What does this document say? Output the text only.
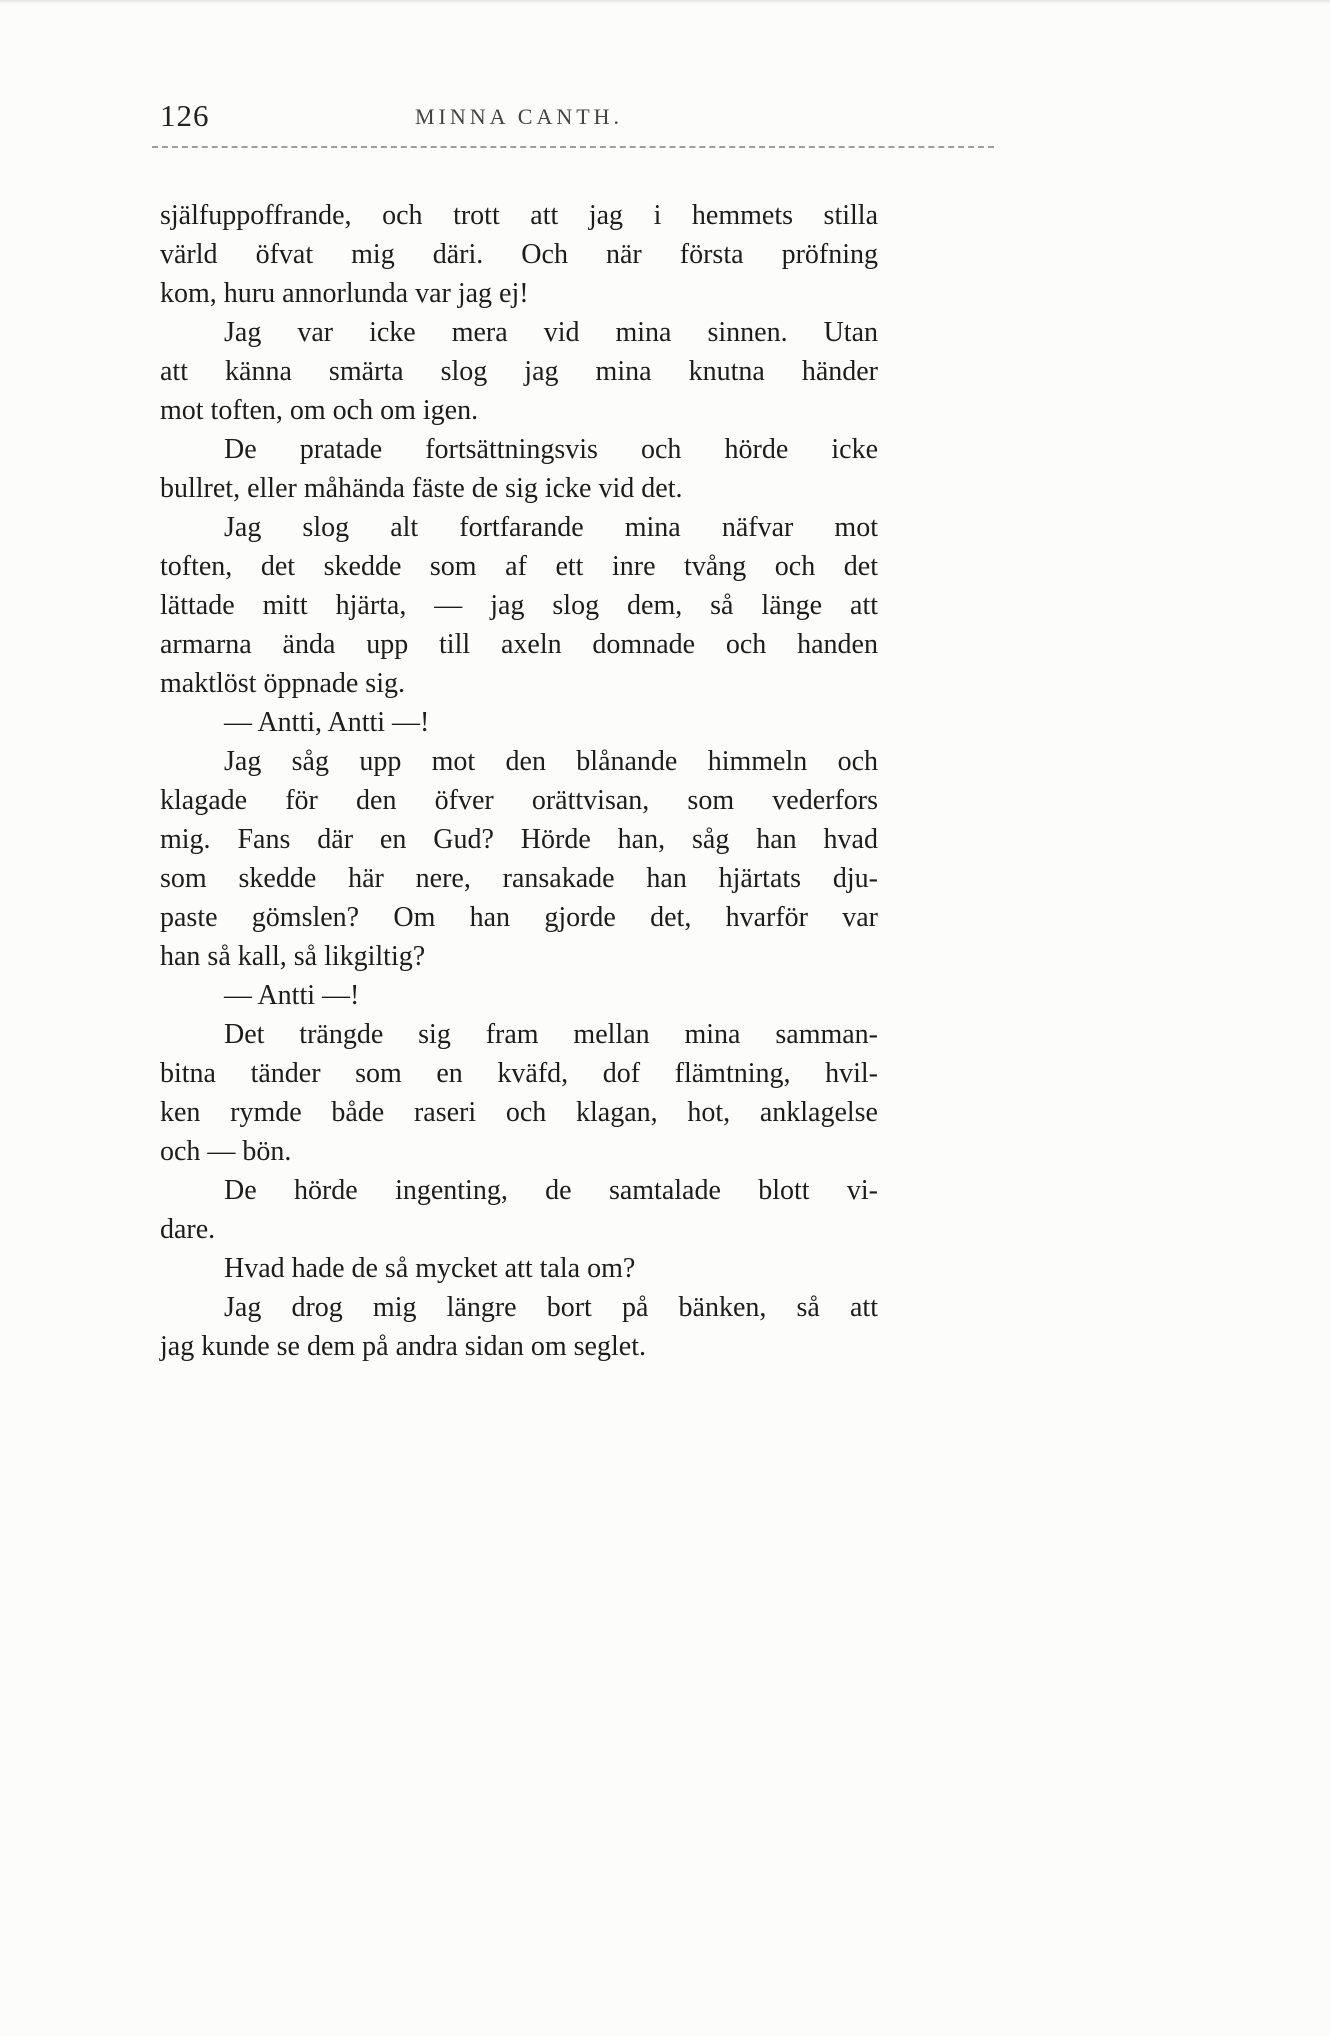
126	MINNA CANTH.
själfuppoffrande, och trott att jag i hemmets stilla
värld öfvat mig däri. Och när första pröfning
kom, huru annorlunda var jag ej!
Jag var icke mera vid mina sinnen. Utan
att känna smärta slog jag mina knutna händer
mot toften, om och om igen.
De pratade fortsättningsvis och hörde icke
bullret, eller måhända fäste de sig icke vid det.
Jag slog alt fortfarande mina näfvar mot
toften, det skedde som af ett inre tvång och det
lättade mitt hjärta, — jag slog dem, så länge att
armarna ända upp till axeln domnade och handen
maktlöst öppnade sig.
— Antti, Antti —!
Jag såg upp mot den blånande himmeln och
klagade för den öfver orättvisan, som vederfors
mig. Fans där en Gud? Hörde han, såg han hvad
som skedde här nere, ransakade han hjärtats dju-
paste gömslen? Om han gjorde det, hvarför var
han så kall, så likgiltig?
— Antti —!
Det trängde sig fram mellan mina samman-
bitna tänder som en kväfd, dof flämtning, hvil-
ken rymde både raseri och klagan, hot, anklagelse
och — bön.
De hörde ingenting, de samtalade blott vi-
dare.
Hvad hade de så mycket att tala om?
Jag drog mig längre bort på bänken, så att
jag kunde se dem på andra sidan om seglet.
